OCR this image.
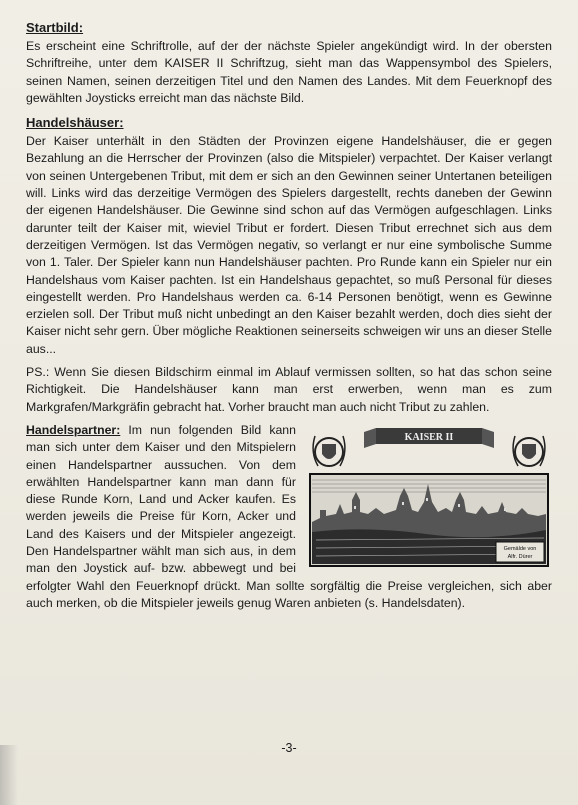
Startbild:

Es erscheint eine Schriftrolle, auf der der nächste Spieler angekündigt wird. In der obersten Schriftreihe, unter dem KAISER II Schriftzug, sieht man das Wappensymbol des Spielers, seinen Namen, seinen derzeitigen Titel und den Namen des Landes. Mit dem Feuerknopf des gewählten Joysticks erreicht man das nächste Bild.

Handelshäuser:

Der Kaiser unterhält in den Städten der Provinzen eigene Handelshäuser, die er gegen Bezahlung an die Herrscher der Provinzen (also die Mitspieler) verpachtet. Der Kaiser verlangt von seinen Untergebenen Tribut, mit dem er sich an den Gewinnen seiner Untertanen beteiligen will. Links wird das derzeitige Vermögen des Spielers dargestellt, rechts daneben der Gewinn der eigenen Handelshäuser. Die Gewinne sind schon auf das Vermögen aufgeschlagen. Links darunter teilt der Kaiser mit, wieviel Tribut er fordert. Diesen Tribut errechnet sich aus dem derzeitigen Vermögen. Ist das Vermögen negativ, so verlangt er nur eine symbolische Summe von 1. Taler. Der Spieler kann nun Handelshäuser pachten. Pro Runde kann ein Spieler nur ein Handelshaus vom Kaiser pachten. Ist ein Handelshaus gepachtet, so muß Personal für dieses eingestellt werden. Pro Handelshaus werden ca. 6-14 Personen benötigt, wenn es Gewinne erzielen soll. Der Tribut muß nicht unbedingt an den Kaiser bezahlt werden, doch dies sieht der Kaiser nicht sehr gern. Über mögliche Reaktionen seinerseits schweigen wir uns an dieser Stelle aus...

PS.: Wenn Sie diesen Bildschirm einmal im Ablauf vermissen sollten, so hat das schon seine Richtigkeit. Die Handelshäuser kann man erst erwerben, wenn man es zum Markgrafen/Markgräfin gebracht hat. Vorher braucht man auch nicht Tribut zu zahlen.

KAISER II
Gemälde von
Alfr. Dürer

Handelspartner: Im nun folgenden Bild kann man sich unter dem Kaiser und den Mitspielern einen Handelspartner aussuchen. Von dem erwählten Handelspartner kann man dann für diese Runde Korn, Land und Acker kaufen. Es werden jeweils die Preise für Korn, Acker und Land des Kaisers und der Mitspieler angezeigt. Den Handelspartner wählt man sich aus, in dem man den Joystick auf- bzw. abbewegt und bei erfolgter Wahl den Feuerknopf drückt. Man sollte sorgfältig die Preise vergleichen, sich aber auch merken, ob die Mitspieler jeweils genug Waren anbieten (s. Handelsdaten).

-3-
